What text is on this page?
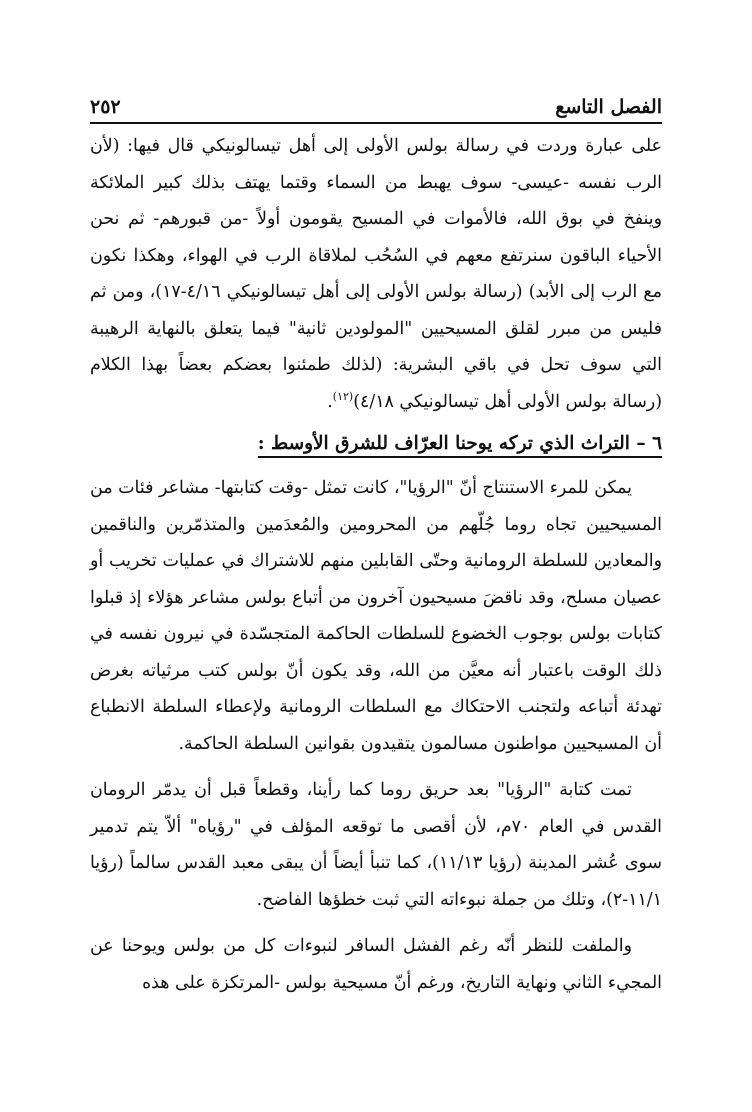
الفصل التاسع
٢٥٢

على عبارة وردت في رسالة بولس الأولى إلى أهل تيسالونيكي قال فيها: (لأن الرب نفسه -عيسى- سوف يهبط من السماء وقتما يهتف بذلك كبير الملائكة وينفخ في بوق الله، فالأموات في المسيح يقومون أولاً -من قبورهم- ثم نحن الأحياء الباقون سنرتفع معهم في السُحُب لملاقاة الرب في الهواء، وهكذا نكون مع الرب إلى الأبد) (رسالة بولس الأولى إلى أهل تيسالونيكي ٤/١٦-١٧)، ومن ثم فليس من مبرر لقلق المسيحيين "المولودين ثانية" فيما يتعلق بالنهاية الرهيبة التي سوف تحل في باقي البشرية: (لذلك طمئنوا بعضكم بعضاً بهذا الكلام (رسالة بولس الأولى أهل تيسالونيكي ٤/١٨)$^{(١٢)}$.

٦ – التراث الذي تركه يوحنا العرّاف للشرق الأوسط :

يمكن للمرء الاستنتاج أنّ "الرؤيا"، كانت تمثل -وقت كتابتها- مشاعر فئات من المسيحيين تجاه روما جُلّهم من المحرومين والمُعدَمين والمتذمّرين والناقمين والمعادين للسلطة الرومانية وحتّى القابلين منهم للاشتراك في عمليات تخريب أو عصيان مسلح، وقد ناقضَ مسيحيون آخرون من أتباع بولس مشاعر هؤلاء إذ قبلوا كتابات بولس بوجوب الخضوع للسلطات الحاكمة المتجسّدة في نيرون نفسه في ذلك الوقت باعتبار أنه معيَّن من الله، وقد يكون أنّ بولس كتب مرثياته بغرض تهدئة أتباعه ولتجنب الاحتكاك مع السلطات الرومانية ولإعطاء السلطة الانطباع أن المسيحيين مواطنون مسالمون يتقيدون بقوانين السلطة الحاكمة.

تمت كتابة "الرؤيا" بعد حريق روما كما رأينا، وقطعاً قبل أن يدمّر الرومان القدس في العام ٧٠م، لأن أقصى ما توقعه المؤلف في "رؤياه" ألاّ يتم تدمير سوى عُشر المدينة (رؤيا ١١/١٣)، كما تنبأ أيضاً أن يبقى معبد القدس سالماً (رؤيا ١١/١-٢)، وتلك من جملة نبوءاته التي ثبت خطؤها الفاضح.

والملفت للنظر أنّه رغم الفشل السافر لنبوءات كل من بولس ويوحنا عن المجيء الثاني ونهاية التاريخ، ورغم أنّ مسيحية بولس -المرتكزة على هذه
